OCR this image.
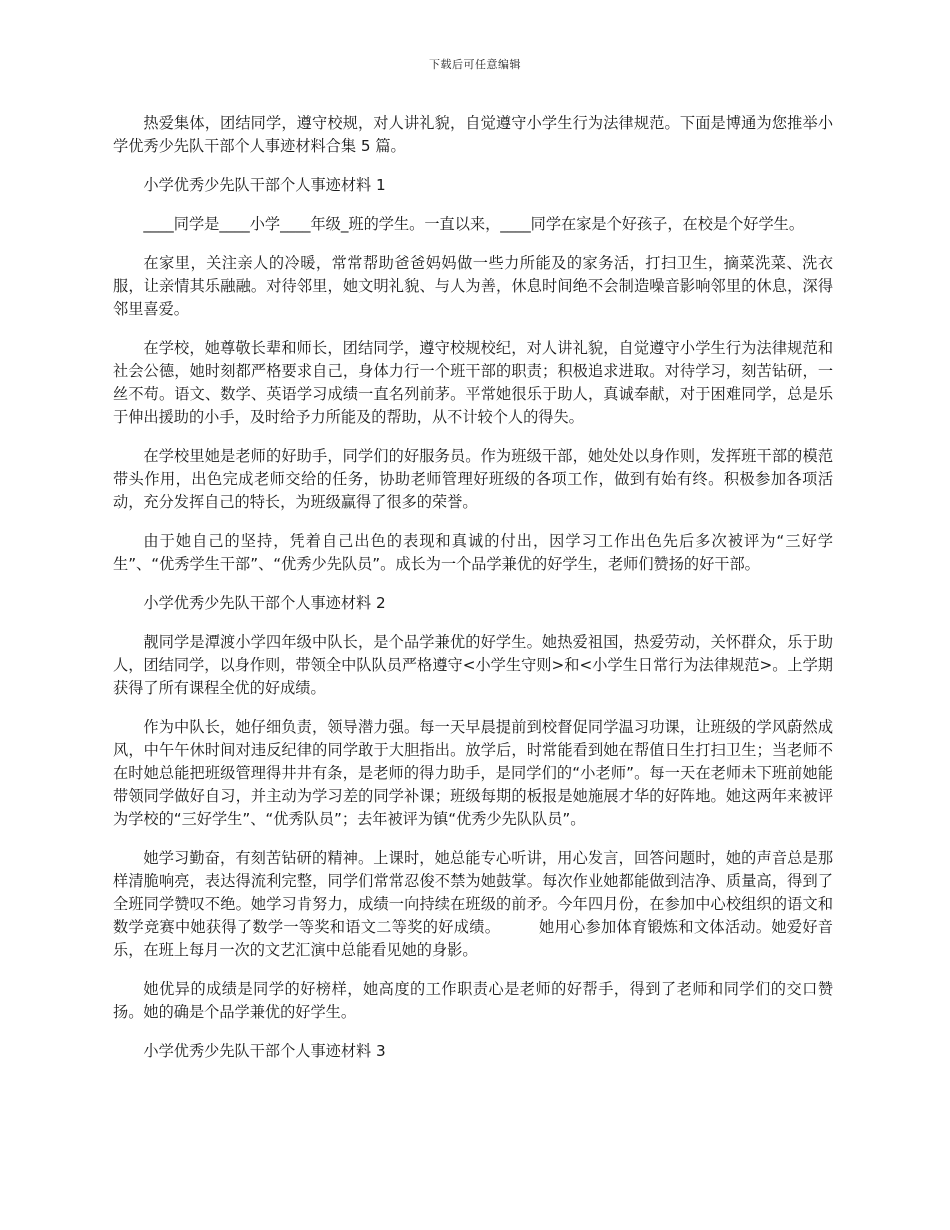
下载后可任意编辑

热爱集体，团结同学，遵守校规，对人讲礼貌，自觉遵守小学生行为法律规范。下面是博通为您推举小学优秀少先队干部个人事迹材料合集 5 篇。

小学优秀少先队干部个人事迹材料 1

____同学是____小学____年级_班的学生。一直以来，____同学在家是个好孩子，在校是个好学生。

在家里，关注亲人的冷暖，常常帮助爸爸妈妈做一些力所能及的家务活，打扫卫生，摘菜洗菜、洗衣服，让亲情其乐融融。对待邻里，她文明礼貌、与人为善，休息时间绝不会制造噪音影响邻里的休息，深得邻里喜爱。

在学校，她尊敬长辈和师长，团结同学，遵守校规校纪，对人讲礼貌，自觉遵守小学生行为法律规范和社会公德，她时刻都严格要求自己，身体力行一个班干部的职责；积极追求进取。对待学习，刻苦钻研，一丝不苟。语文、数学、英语学习成绩一直名列前茅。平常她很乐于助人，真诚奉献，对于困难同学，总是乐于伸出援助的小手，及时给予力所能及的帮助，从不计较个人的得失。

在学校里她是老师的好助手，同学们的好服务员。作为班级干部，她处处以身作则，发挥班干部的模范带头作用，出色完成老师交给的任务，协助老师管理好班级的各项工作，做到有始有终。积极参加各项活动，充分发挥自己的特长，为班级赢得了很多的荣誉。

由于她自己的坚持，凭着自己出色的表现和真诚的付出，因学习工作出色先后多次被评为“三好学生”、“优秀学生干部”、“优秀少先队员”。成长为一个品学兼优的好学生，老师们赞扬的好干部。

小学优秀少先队干部个人事迹材料 2

靓同学是潭渡小学四年级中队长，是个品学兼优的好学生。她热爱祖国，热爱劳动，关怀群众，乐于助人，团结同学，以身作则，带领全中队队员严格遵守<小学生守则>和<小学生日常行为法律规范>。上学期获得了所有课程全优的好成绩。

作为中队长，她仔细负责，领导潜力强。每一天早晨提前到校督促同学温习功课，让班级的学风蔚然成风，中午午休时间对违反纪律的同学敢于大胆指出。放学后，时常能看到她在帮值日生打扫卫生；当老师不在时她总能把班级管理得井井有条，是老师的得力助手，是同学们的“小老师”。每一天在老师未下班前她能带领同学做好自习，并主动为学习差的同学补课；班级每期的板报是她施展才华的好阵地。她这两年来被评为学校的“三好学生”、“优秀队员”；去年被评为镇“优秀少先队队员”。

她学习勤奋，有刻苦钻研的精神。上课时，她总能专心听讲，用心发言，回答问题时，她的声音总是那样清脆响亮，表达得流利完整，同学们常常忍俊不禁为她鼓掌。每次作业她都能做到洁净、质量高，得到了全班同学赞叹不绝。她学习肯努力，成绩一向持续在班级的前矛。今年四月份，在参加中心校组织的语文和数学竞赛中她获得了数学一等奖和语文二等奖的好成绩。　　　她用心参加体育锻炼和文体活动。她爱好音乐，在班上每月一次的文艺汇演中总能看见她的身影。

她优异的成绩是同学的好榜样，她高度的工作职责心是老师的好帮手，得到了老师和同学们的交口赞扬。她的确是个品学兼优的好学生。

小学优秀少先队干部个人事迹材料 3
